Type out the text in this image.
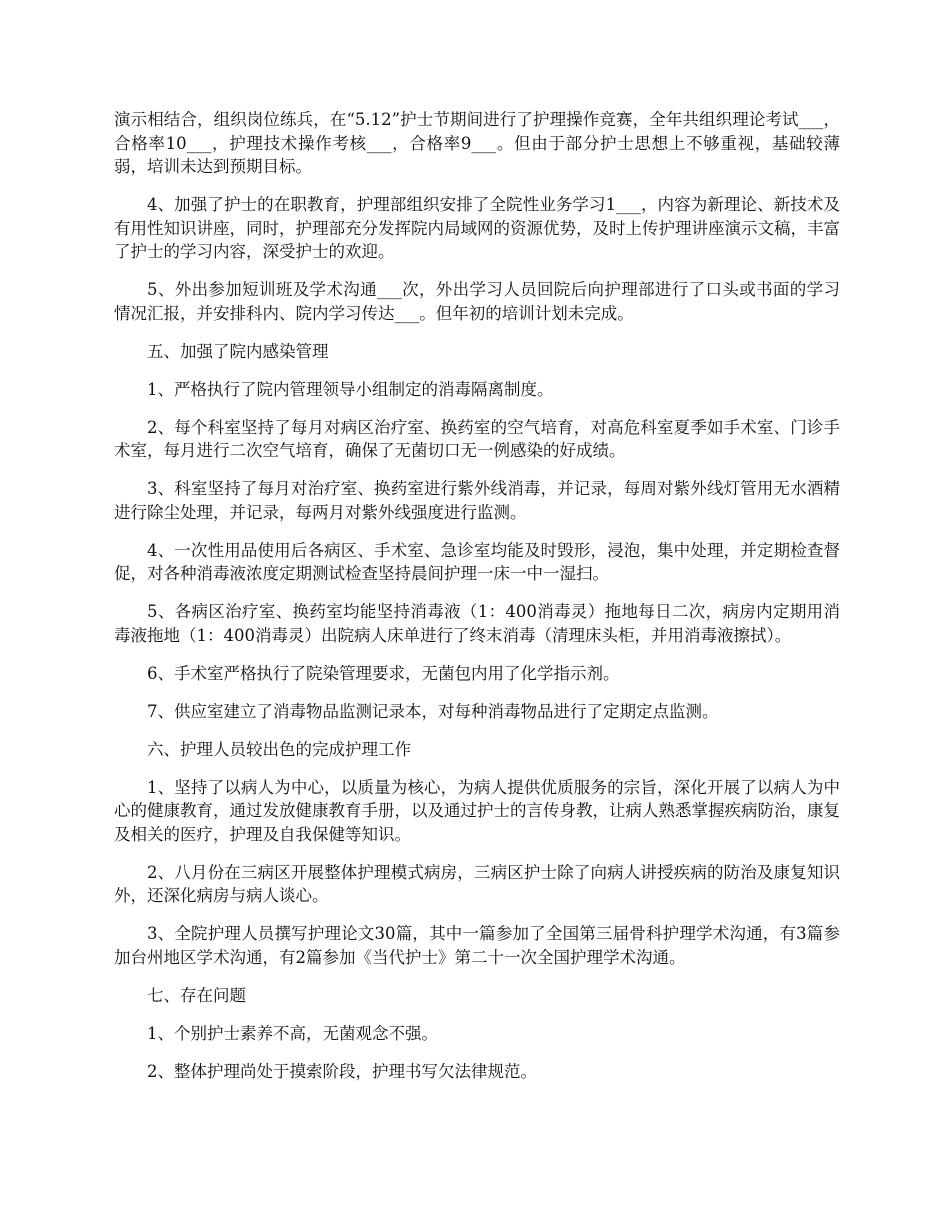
演示相结合，组织岗位练兵，在“5.12”护士节期间进行了护理操作竞赛，全年共组织理论考试___，合格率10___，护理技术操作考核___，合格率9___。但由于部分护士思想上不够重视，基础较薄弱，培训未达到预期目标。

4、加强了护士的在职教育，护理部组织安排了全院性业务学习1___，内容为新理论、新技术及有用性知识讲座，同时，护理部充分发挥院内局域网的资源优势，及时上传护理讲座演示文稿，丰富了护士的学习内容，深受护士的欢迎。

5、外出参加短训班及学术沟通___次，外出学习人员回院后向护理部进行了口头或书面的学习情况汇报，并安排科内、院内学习传达___。但年初的培训计划未完成。

五、加强了院内感染管理

1、严格执行了院内管理领导小组制定的消毒隔离制度。

2、每个科室坚持了每月对病区治疗室、换药室的空气培育，对高危科室夏季如手术室、门诊手术室，每月进行二次空气培育，确保了无菌切口无一例感染的好成绩。

3、科室坚持了每月对治疗室、换药室进行紫外线消毒，并记录，每周对紫外线灯管用无水酒精进行除尘处理，并记录，每两月对紫外线强度进行监测。

4、一次性用品使用后各病区、手术室、急诊室均能及时毁形，浸泡，集中处理，并定期检查督促，对各种消毒液浓度定期测试检查坚持晨间护理一床一中一湿扫。

5、各病区治疗室、换药室均能坚持消毒液（1：400消毒灵）拖地每日二次，病房内定期用消毒液拖地（1：400消毒灵）出院病人床单进行了终末消毒（清理床头柜，并用消毒液擦拭）。

6、手术室严格执行了院染管理要求，无菌包内用了化学指示剂。

7、供应室建立了消毒物品监测记录本，对每种消毒物品进行了定期定点监测。

六、护理人员较出色的完成护理工作

1、坚持了以病人为中心，以质量为核心，为病人提供优质服务的宗旨，深化开展了以病人为中心的健康教育，通过发放健康教育手册，以及通过护士的言传身教，让病人熟悉掌握疾病防治，康复及相关的医疗，护理及自我保健等知识。

2、八月份在三病区开展整体护理模式病房，三病区护士除了向病人讲授疾病的防治及康复知识外，还深化病房与病人谈心。

3、全院护理人员撰写护理论文30篇，其中一篇参加了全国第三届骨科护理学术沟通，有3篇参加台州地区学术沟通，有2篇参加《当代护士》第二十一次全国护理学术沟通。

七、存在问题

1、个别护士素养不高，无菌观念不强。

2、整体护理尚处于摸索阶段，护理书写欠法律规范。
